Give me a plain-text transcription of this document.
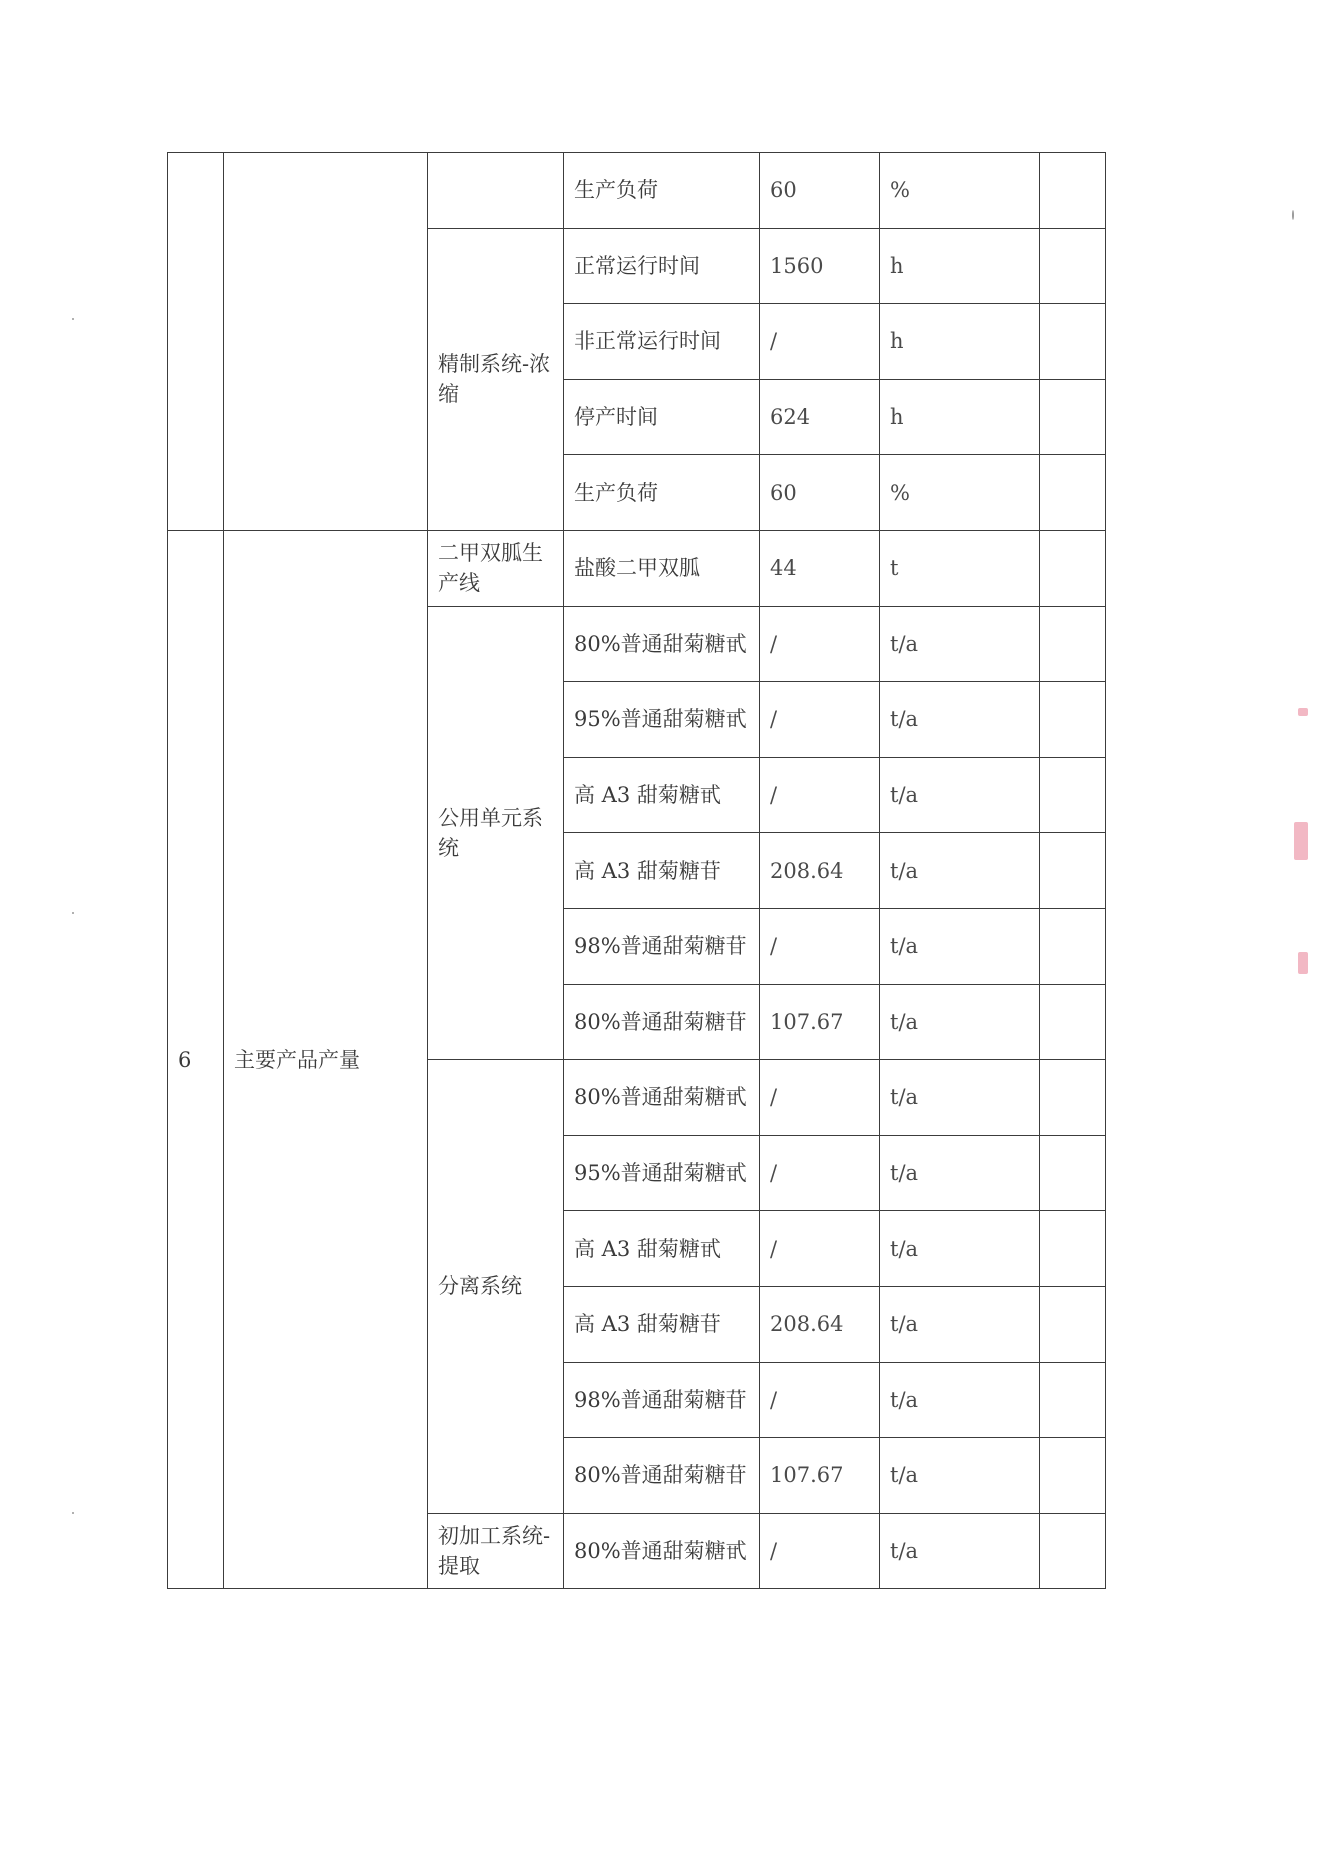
			生产负荷	60	%	
		精制系统-浓缩	正常运行时间	1560	h	
			非正常运行时间	/	h	
			停产时间	624	h	
			生产负荷	60	%	
6	主要产品产量	二甲双胍生产线	盐酸二甲双胍	44	t	
		公用单元系统	80%普通甜菊糖甙	/	t/a	
			95%普通甜菊糖甙	/	t/a	
			高 A3 甜菊糖甙	/	t/a	
			高 A3 甜菊糖苷	208.64	t/a	
			98%普通甜菊糖苷	/	t/a	
			80%普通甜菊糖苷	107.67	t/a	
		分离系统	80%普通甜菊糖甙	/	t/a	
			95%普通甜菊糖甙	/	t/a	
			高 A3 甜菊糖甙	/	t/a	
			高 A3 甜菊糖苷	208.64	t/a	
			98%普通甜菊糖苷	/	t/a	
			80%普通甜菊糖苷	107.67	t/a	
		初加工系统-提取	80%普通甜菊糖甙	/	t/a	
